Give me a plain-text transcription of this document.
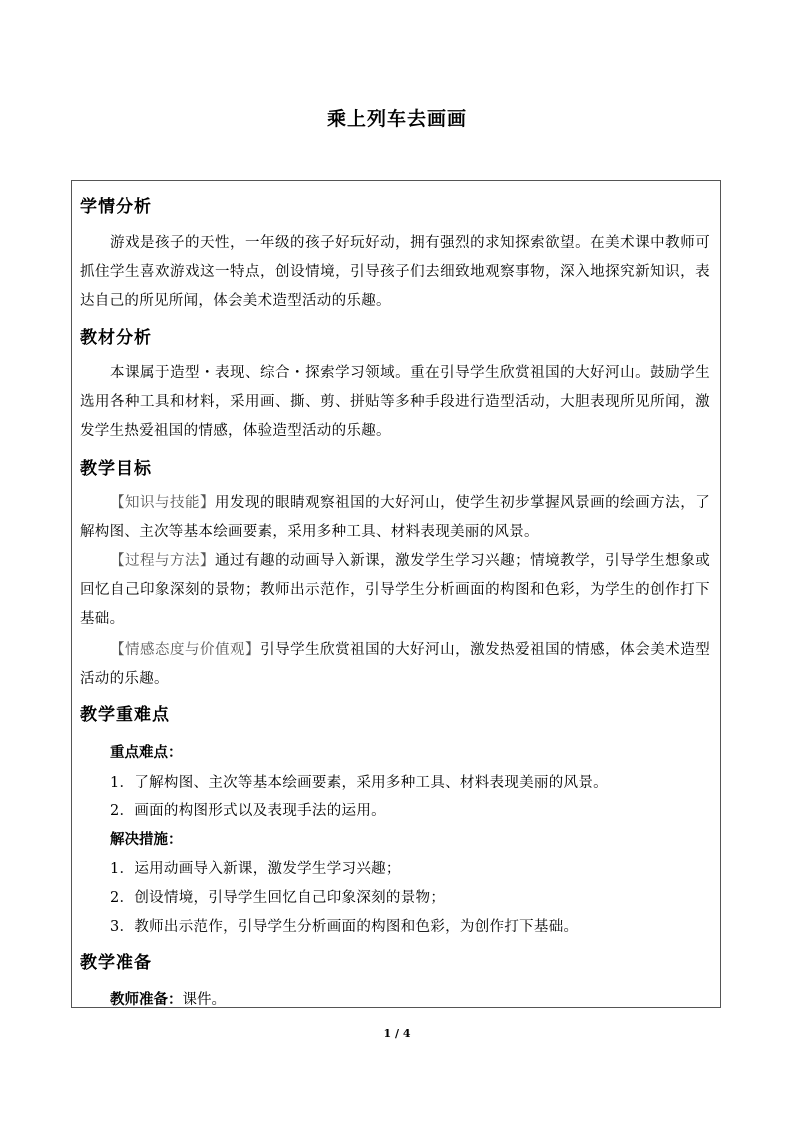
乘上列车去画画
学情分析
游戏是孩子的天性，一年级的孩子好玩好动，拥有强烈的求知探索欲望。在美术课中教师可抓住学生喜欢游戏这一特点，创设情境，引导孩子们去细致地观察事物，深入地探究新知识，表达自己的所见所闻，体会美术造型活动的乐趣。
教材分析
本课属于造型・表现、综合・探索学习领域。重在引导学生欣赏祖国的大好河山。鼓励学生选用各种工具和材料，采用画、撕、剪、拼贴等多种手段进行造型活动，大胆表现所见所闻，激发学生热爱祖国的情感，体验造型活动的乐趣。
教学目标
【知识与技能】用发现的眼睛观察祖国的大好河山，使学生初步掌握风景画的绘画方法，了解构图、主次等基本绘画要素，采用多种工具、材料表现美丽的风景。
【过程与方法】通过有趣的动画导入新课，激发学生学习兴趣；情境教学，引导学生想象或回忆自己印象深刻的景物；教师出示范作，引导学生分析画面的构图和色彩，为学生的创作打下基础。
【情感态度与价值观】引导学生欣赏祖国的大好河山，激发热爱祖国的情感，体会美术造型活动的乐趣。
教学重难点
重点难点：
1．了解构图、主次等基本绘画要素，采用多种工具、材料表现美丽的风景。
2．画面的构图形式以及表现手法的运用。
解决措施：
1．运用动画导入新课，激发学生学习兴趣；
2．创设情境，引导学生回忆自己印象深刻的景物；
3．教师出示范作，引导学生分析画面的构图和色彩，为创作打下基础。
教学准备
教师准备：课件。
1 / 4
